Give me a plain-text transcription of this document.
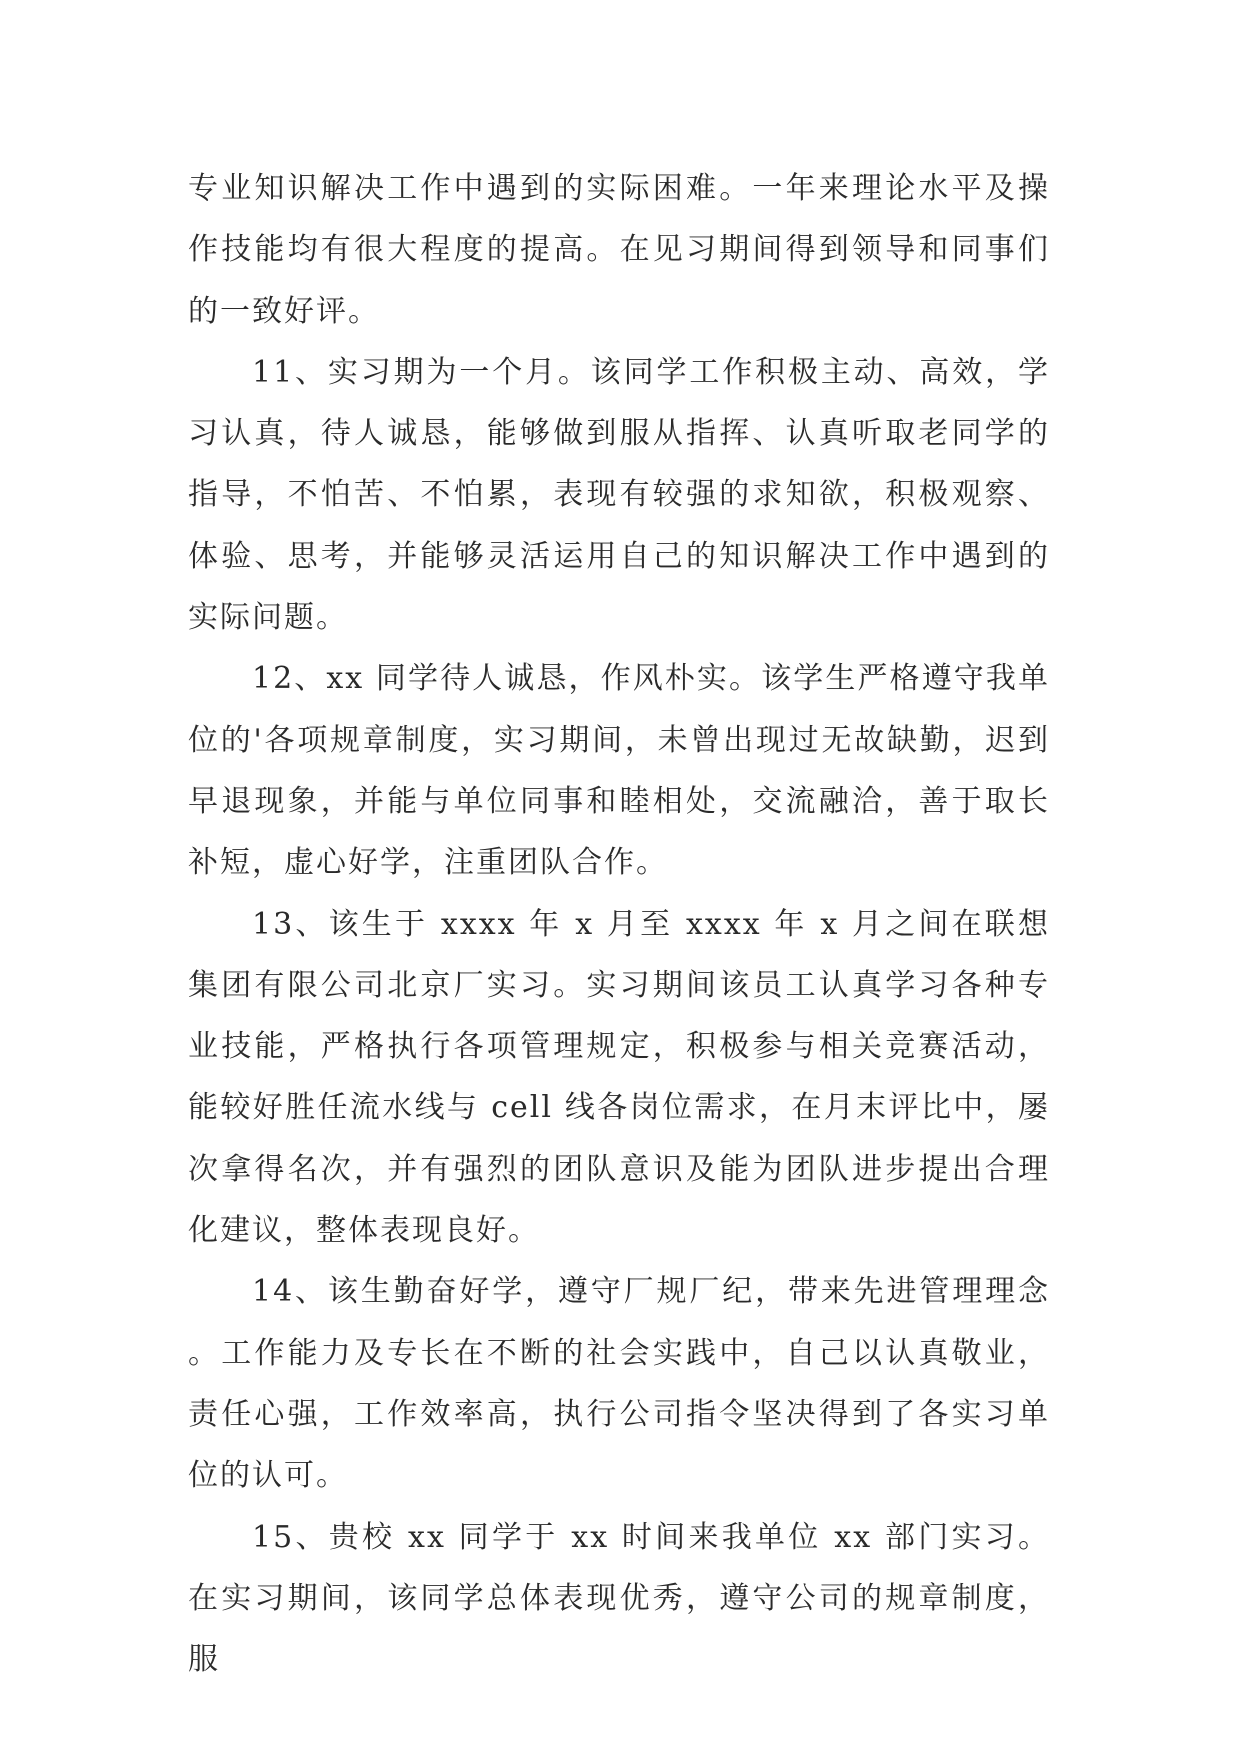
专业知识解决工作中遇到的实际困难。一年来理论水平及操作技能均有很大程度的提高。在见习期间得到领导和同事们的一致好评。

11、实习期为一个月。该同学工作积极主动、高效，学习认真，待人诚恳，能够做到服从指挥、认真听取老同学的指导，不怕苦、不怕累，表现有较强的求知欲，积极观察、体验、思考，并能够灵活运用自己的知识解决工作中遇到的实际问题。

12、xx 同学待人诚恳，作风朴实。该学生严格遵守我单位的'各项规章制度，实习期间，未曾出现过无故缺勤，迟到早退现象，并能与单位同事和睦相处，交流融洽，善于取长补短，虚心好学，注重团队合作。

13、该生于 xxxx 年 x 月至 xxxx 年 x 月之间在联想集团有限公司北京厂实习。实习期间该员工认真学习各种专业技能，严格执行各项管理规定，积极参与相关竞赛活动，能较好胜任流水线与 cell 线各岗位需求，在月末评比中，屡次拿得名次，并有强烈的团队意识及能为团队进步提出合理化建议，整体表现良好。

14、该生勤奋好学，遵守厂规厂纪，带来先进管理理念。工作能力及专长在不断的社会实践中，自己以认真敬业，责任心强，工作效率高，执行公司指令坚决得到了各实习单位的认可。

15、贵校 xx 同学于 xx 时间来我单位 xx 部门实习。在实习期间，该同学总体表现优秀，遵守公司的规章制度，服
